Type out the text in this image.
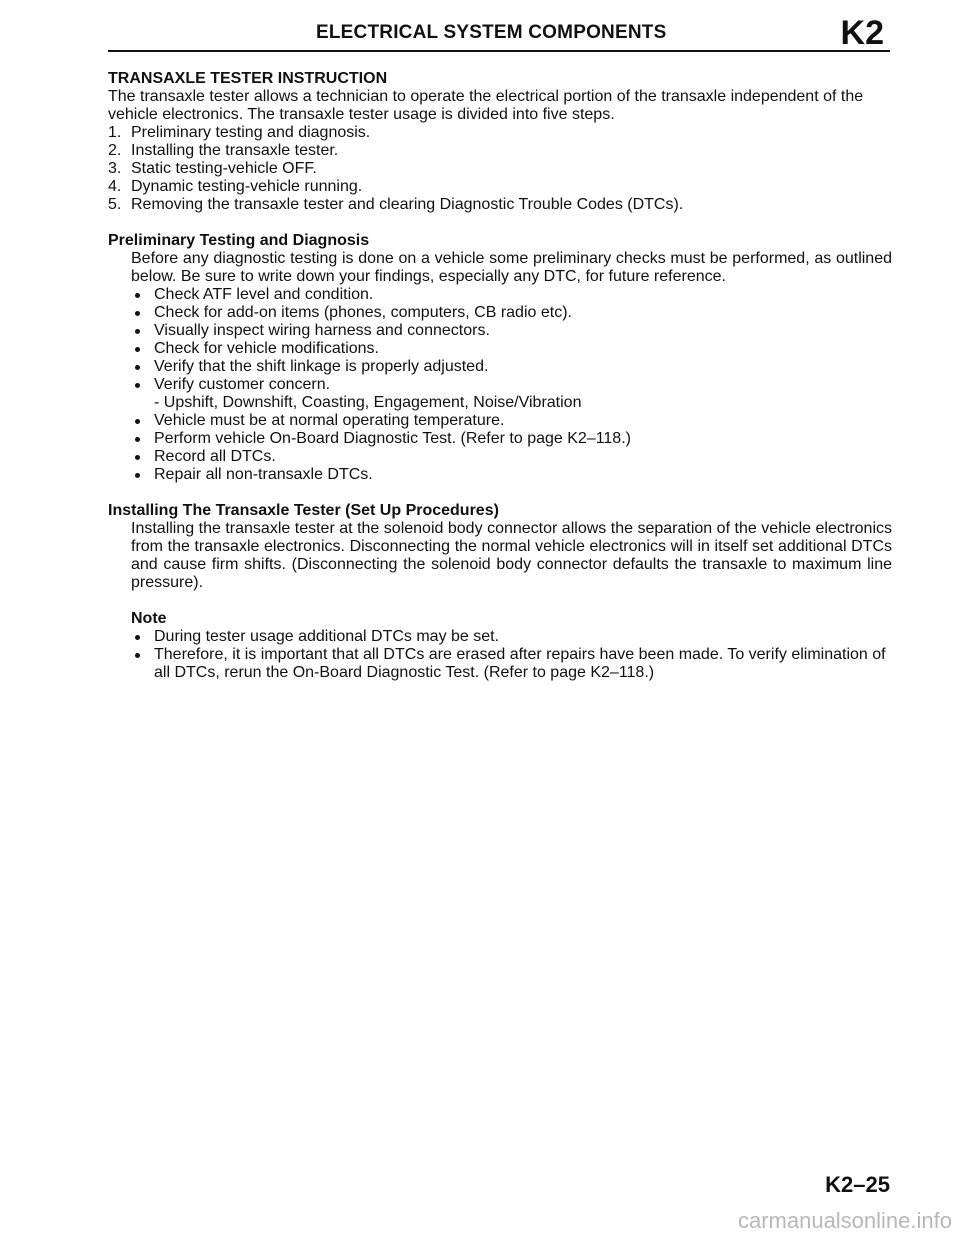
ELECTRICAL SYSTEM COMPONENTS	K2
TRANSAXLE TESTER INSTRUCTION

The transaxle tester allows a technician to operate the electrical portion of the transaxle independent of the vehicle electronics. The transaxle tester usage is divided into five steps.

1. Preliminary testing and diagnosis.
2. Installing the transaxle tester.
3. Static testing-vehicle OFF.
4. Dynamic testing-vehicle running.
5. Removing the transaxle tester and clearing Diagnostic Trouble Codes (DTCs).
Preliminary Testing and Diagnosis

Before any diagnostic testing is done on a vehicle some preliminary checks must be performed, as outlined below. Be sure to write down your findings, especially any DTC, for future reference.

Check ATF level and condition.
Check for add-on items (phones, computers, CB radio etc).
Visually inspect wiring harness and connectors.
Check for vehicle modifications.
Verify that the shift linkage is properly adjusted.
Verify customer concern.
- Upshift, Downshift, Coasting, Engagement, Noise/Vibration
Vehicle must be at normal operating temperature.
Perform vehicle On-Board Diagnostic Test. (Refer to page K2–118.)
Record all DTCs.
Repair all non-transaxle DTCs.
Installing The Transaxle Tester (Set Up Procedures)

Installing the transaxle tester at the solenoid body connector allows the separation of the vehicle electronics from the transaxle electronics. Disconnecting the normal vehicle electronics will in itself set additional DTCs and cause firm shifts. (Disconnecting the solenoid body connector defaults the transaxle to maximum line pressure).

Note
During tester usage additional DTCs may be set.
Therefore, it is important that all DTCs are erased after repairs have been made. To verify elimination of all DTCs, rerun the On-Board Diagnostic Test. (Refer to page K2–118.)
K2–25
carmanualsonline.info
